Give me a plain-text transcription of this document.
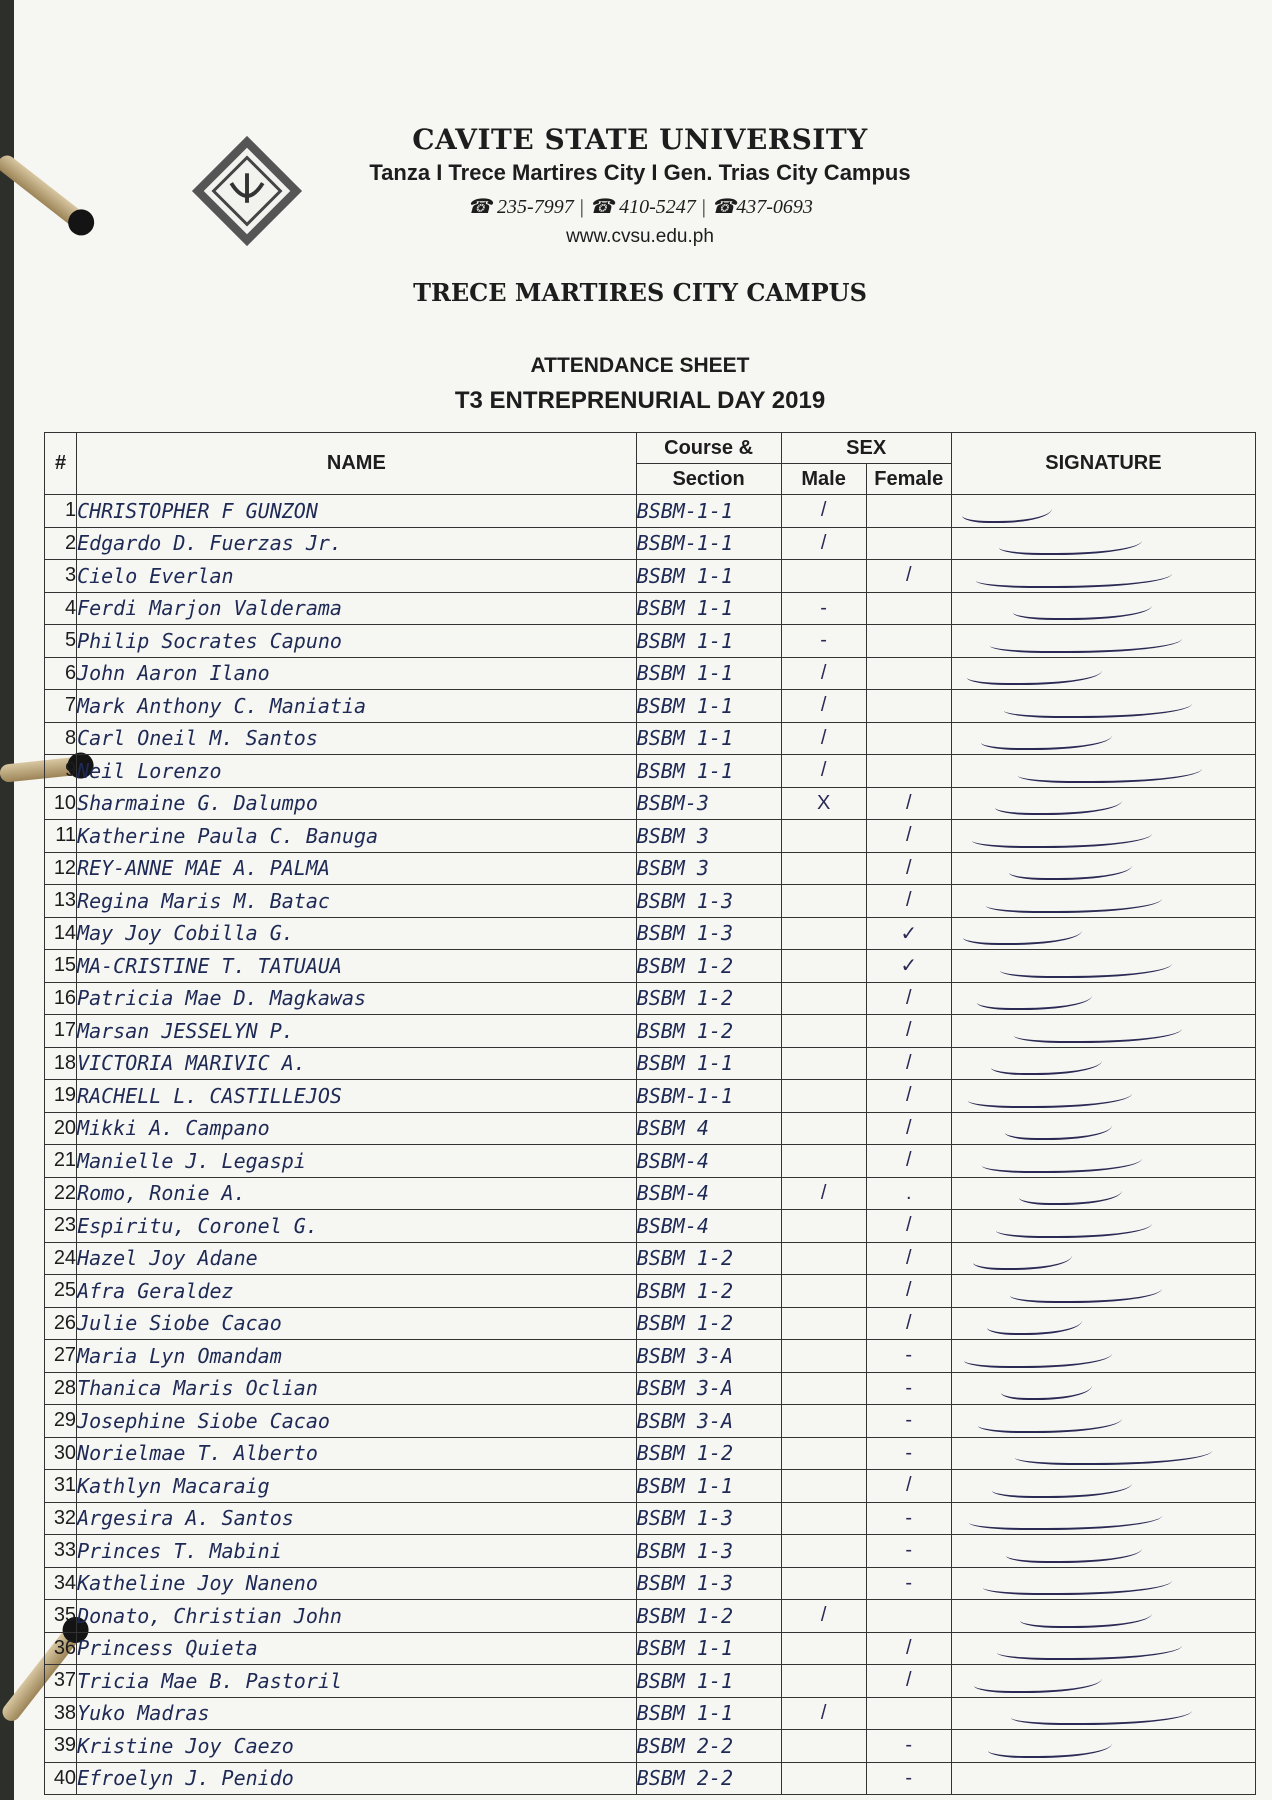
CAVITE STATE UNIVERSITY
Tanza I Trece Martires City I Gen. Trias City Campus
☎ 235-7997 | ☎ 410-5247 | ☎437-0693
www.cvsu.edu.ph
TRECE MARTIRES CITY CAMPUS
ATTENDANCE SHEET
T3 ENTREPRENURIAL DAY 2019
#	NAME	Course &	SEX		SIGNATURE
		Section	Male	Female	
1	CHRISTOPHER F GUNZON	BSBM-1-1	/		

2	Edgardo D. Fuerzas Jr.	BSBM-1-1	/		

3	Cielo Everlan	BSBM 1-1		/	

4	Ferdi Marjon Valderama	BSBM 1-1	-		

5	Philip Socrates Capuno	BSBM 1-1	-		

6	John Aaron Ilano	BSBM 1-1	/		

7	Mark Anthony C. Maniatia	BSBM 1-1	/		

8	Carl Oneil M. Santos	BSBM 1-1	/		

9	Neil Lorenzo	BSBM 1-1	/		

10	Sharmaine G. Dalumpo	BSBM-3	X	/	

11	Katherine Paula C. Banuga	BSBM 3		/	

12	REY-ANNE MAE A. PALMA	BSBM 3		/	

13	Regina Maris M. Batac	BSBM 1-3		/	

14	May Joy Cobilla G.	BSBM 1-3		✓	

15	MA-CRISTINE T. TATUAUA	BSBM 1-2		✓	

16	Patricia Mae D. Magkawas	BSBM 1-2		/	

17	Marsan JESSELYN P.	BSBM 1-2		/	

18	VICTORIA MARIVIC A.	BSBM 1-1		/	

19	RACHELL L. CASTILLEJOS	BSBM-1-1		/	

20	Mikki A. Campano	BSBM 4		/	

21	Manielle J. Legaspi	BSBM-4		/	

22	Romo, Ronie A.	BSBM-4	/	.	

23	Espiritu, Coronel G.	BSBM-4		/	

24	Hazel Joy Adane	BSBM 1-2		/	

25	Afra Geraldez	BSBM 1-2		/	

26	Julie Siobe Cacao	BSBM 1-2		/	

27	Maria Lyn Omandam	BSBM 3-A		-	

28	Thanica Maris Oclian	BSBM 3-A		-	

29	Josephine Siobe Cacao	BSBM 3-A		-	

30	Norielmae T. Alberto	BSBM 1-2		-	

31	Kathlyn Macaraig	BSBM 1-1		/	

32	Argesira A. Santos	BSBM 1-3		-	

33	Princes T. Mabini	BSBM 1-3		-	

34	Katheline Joy Naneno	BSBM 1-3		-	

35	Donato, Christian John	BSBM 1-2	/		

36	Princess Quieta	BSBM 1-1		/	

37	Tricia Mae B. Pastoril	BSBM 1-1		/	

38	Yuko Madras	BSBM 1-1	/		

39	Kristine Joy Caezo	BSBM 2-2		-	

40	Efroelyn J. Penido	BSBM 2-2		-	
